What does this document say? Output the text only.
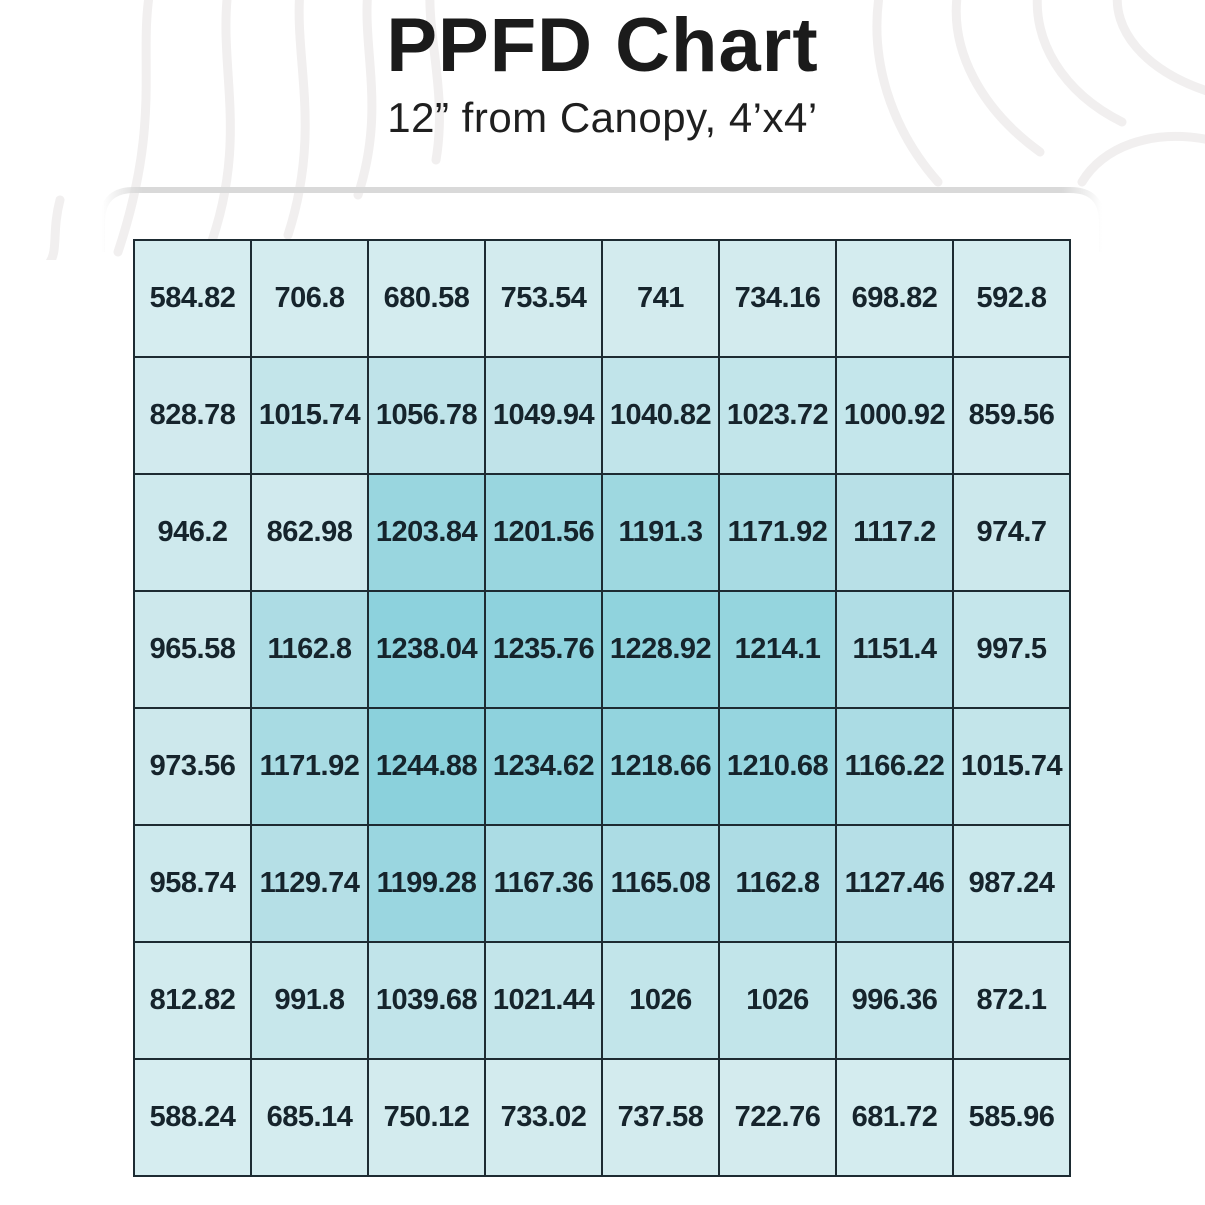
PPFD Chart
12” from Canopy, 4’x4’
584.82	706.8	680.58	753.54	741	734.16	698.82	592.8
828.78 1015.74 1056.78 1049.94 1040.82 1023.72 1000.92 859.56
946.2	862.98 1203.84 1201.56 1191.3 1171.92 1117.2	974.7
965.58	1162.8 1238.04 1235.76 1228.92 1214.1	1151.4	997.5
973.56 1171.92 1244.88 1234.62 1218.66 1210.68 1166.22 1015.74
958.74 1129.74 1199.28 1167.36 1165.08 1162.8 1127.46 987.24
812.82	991.8	1039.68 1021.44	1026	1026	996.36	872.1
588.24	685.14	750.12	733.02	737.58	722.76	681.72	585.96
